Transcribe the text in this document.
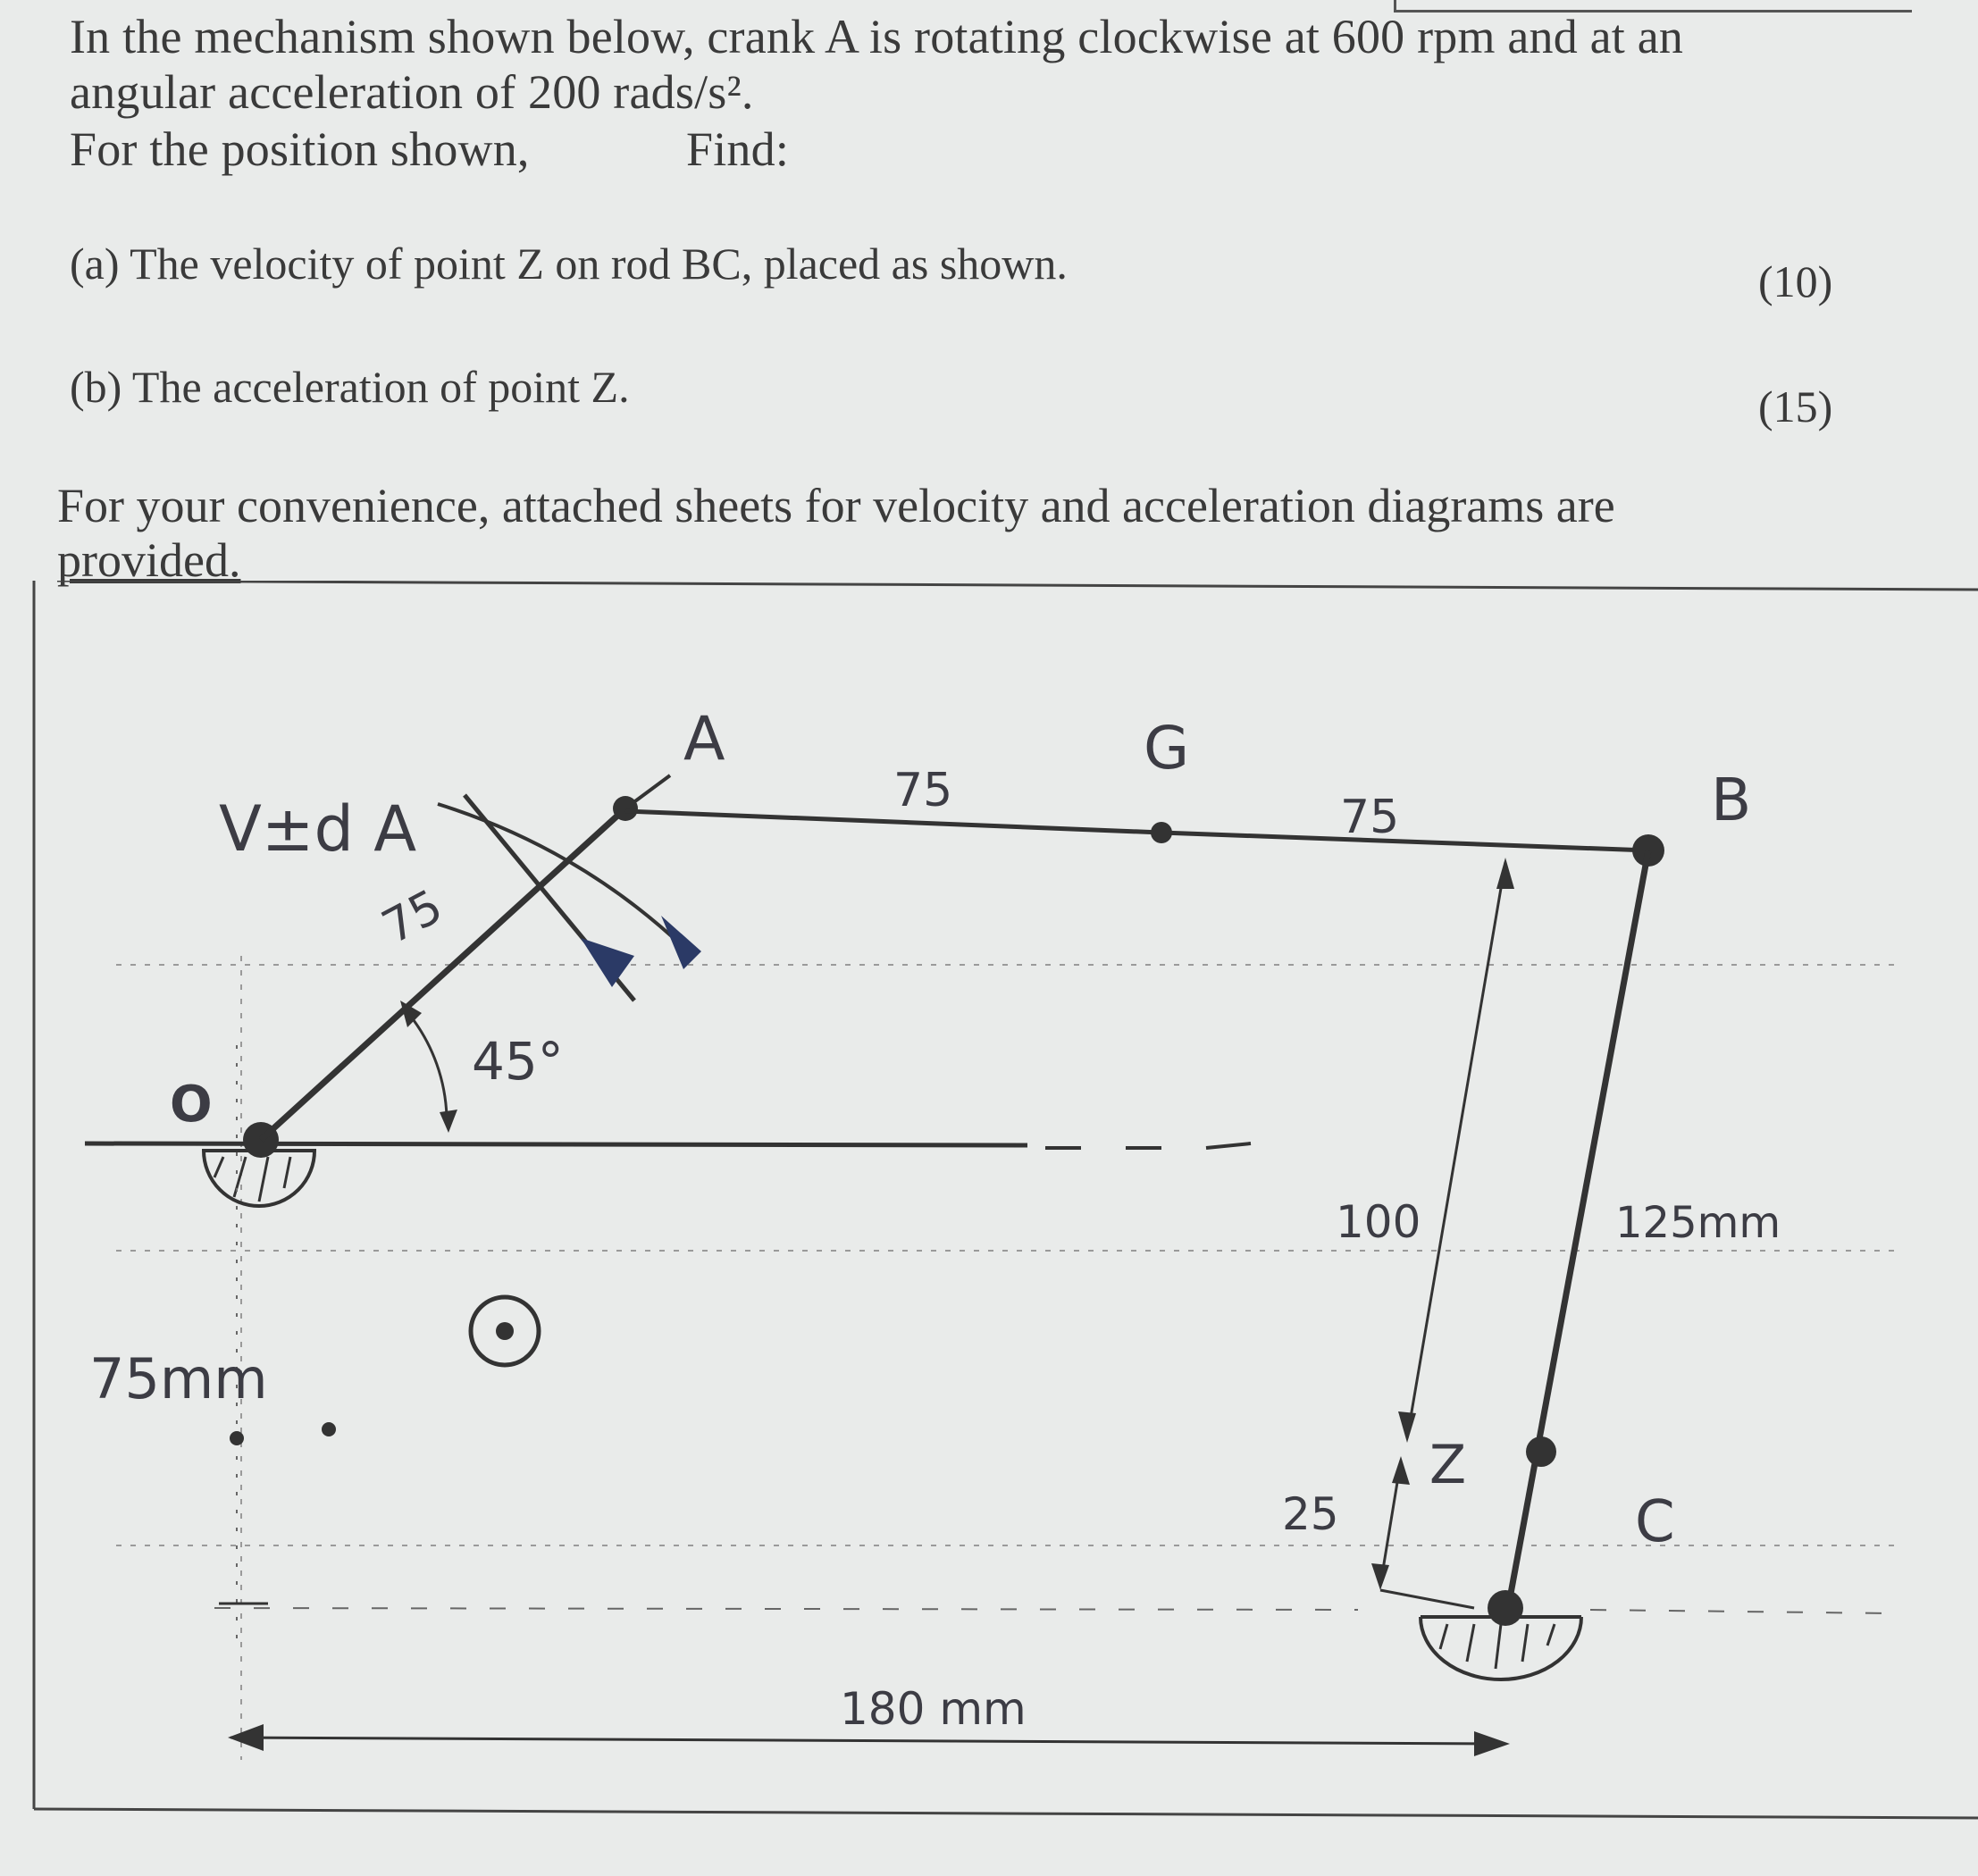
In the mechanism shown below, crank A is rotating clockwise at 600 rpm and at an
angular acceleration of 200 rads/s².
For the position shown,	Find:
(a) The velocity of point Z on rod BC, placed as shown.	(10)
(b) The acceleration of point Z.	(15)
For your convenience, attached sheets for velocity and acceleration diagrams are
provided.
V±d A
A	G
B
C
O
Z
75	75
75
45°
100
25
125mm
75mm
180 mm
